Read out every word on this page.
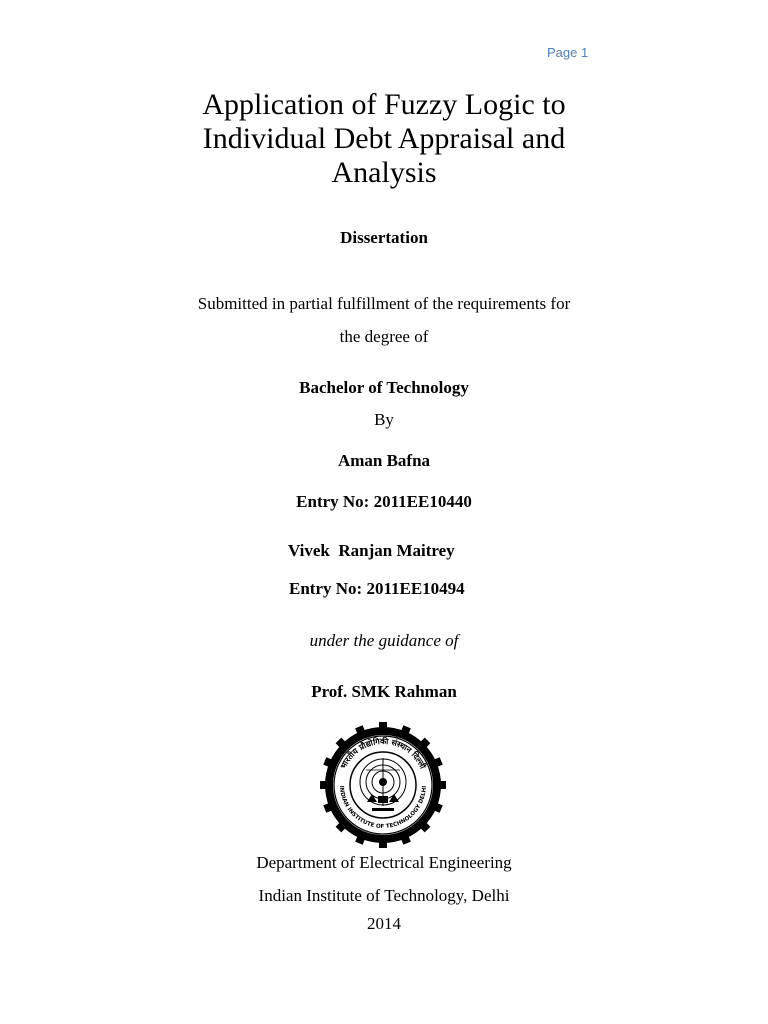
Page 1
Application of Fuzzy Logic to
Individual Debt Appraisal and
Analysis
Dissertation
Submitted in partial fulfillment of the requirements for
the degree of
Bachelor of Technology
By
Aman Bafna
Entry No: 2011EE10440
Vivek  Ranjan Maitrey
Entry No: 2011EE10494
under the guidance of
Prof. SMK Rahman
भारतीय प्रौद्योगिकी संस्थान दिल्ली
INDIAN INSTITUTE OF TECHNOLOGY DELHI
Department of Electrical Engineering
Indian Institute of Technology, Delhi
2014
